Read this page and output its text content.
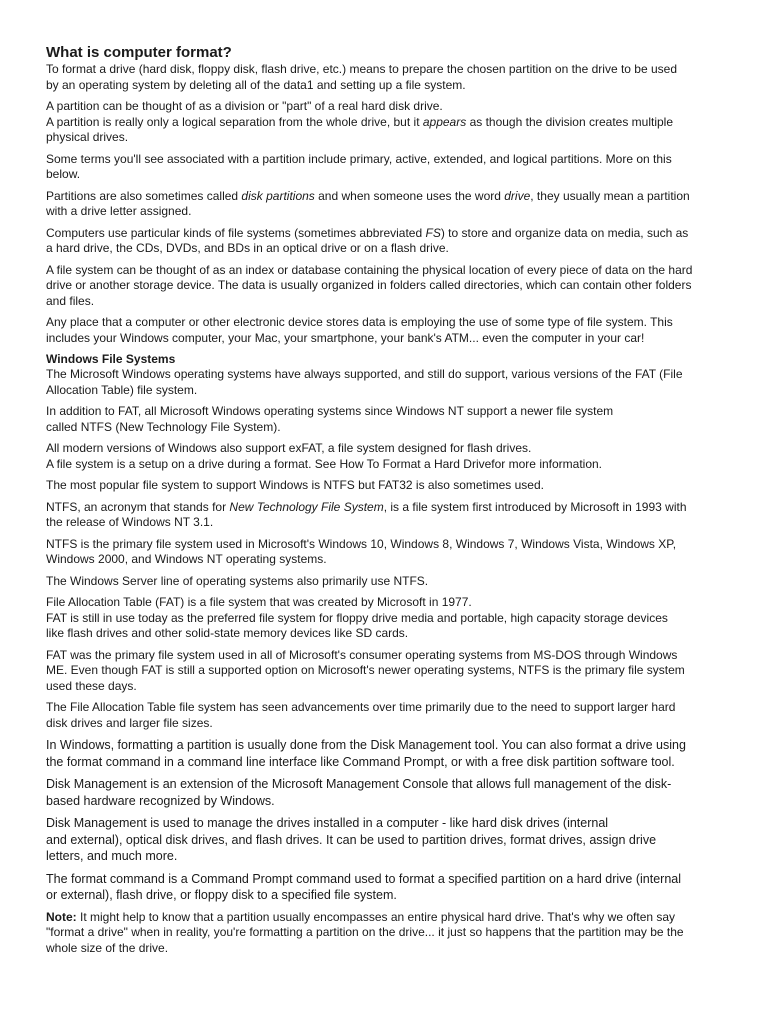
What is computer format?

To format a drive (hard disk, floppy disk, flash drive, etc.) means to prepare the chosen partition on the drive to be used

by an operating system by deleting all of the data1 and setting up a file system.

A partition can be thought of as a division or "part" of a real hard disk drive.

A partition is really only a logical separation from the whole drive, but it appears as though the division creates multiple

physical drives.

Some terms you'll see associated with a partition include primary, active, extended, and logical partitions. More on this

below.

Partitions are also sometimes called disk partitions and when someone uses the word drive, they usually mean a partition

with a drive letter assigned.

Computers use particular kinds of file systems (sometimes abbreviated FS) to store and organize data on media, such as

a hard drive, the CDs, DVDs, and BDs in an optical drive or on a flash drive.

A file system can be thought of as an index or database containing the physical location of every piece of data on the hard

drive or another storage device. The data is usually organized in folders called directories, which can contain other folders

and files.

Any place that a computer or other electronic device stores data is employing the use of some type of file system. This

includes your Windows computer, your Mac, your smartphone, your bank's ATM... even the computer in your car!

Windows File Systems

The Microsoft Windows operating systems have always supported, and still do support, various versions of the FAT (File

Allocation Table) file system.

In addition to FAT, all Microsoft Windows operating systems since Windows NT support a newer file system

called NTFS (New Technology File System).

All modern versions of Windows also support exFAT, a file system designed for flash drives.

A file system is a setup on a drive during a format. See How To Format a Hard Drivefor more information.

The most popular file system to support Windows is NTFS but FAT32 is also sometimes used.

NTFS, an acronym that stands for New Technology File System, is a file system first introduced by Microsoft in 1993 with

the release of Windows NT 3.1.

NTFS is the primary file system used in Microsoft's Windows 10, Windows 8, Windows 7, Windows Vista, Windows XP,

Windows 2000, and Windows NT operating systems.

The Windows Server line of operating systems also primarily use NTFS.

File Allocation Table (FAT) is a file system that was created by Microsoft in 1977.

FAT is still in use today as the preferred file system for floppy drive media and portable, high capacity storage devices

like flash drives and other solid-state memory devices like SD cards.

FAT was the primary file system used in all of Microsoft's consumer operating systems from MS-DOS through Windows

ME. Even though FAT is still a supported option on Microsoft's newer operating systems, NTFS is the primary file system

used these days.

The File Allocation Table file system has seen advancements over time primarily due to the need to support larger hard

disk drives and larger file sizes.

In Windows, formatting a partition is usually done from the Disk Management tool. You can also format a drive using

the format command in a command line interface like Command Prompt, or with a free disk partition software tool.

Disk Management is an extension of the Microsoft Management Console that allows full management of the disk-

based hardware recognized by Windows.

Disk Management is used to manage the drives installed in a computer - like hard disk drives (internal

and external), optical disk drives, and flash drives. It can be used to partition drives, format drives, assign drive

letters, and much more.

The format command is a Command Prompt command used to format a specified partition on a hard drive (internal

or external), flash drive, or floppy disk to a specified file system.

Note: It might help to know that a partition usually encompasses an entire physical hard drive. That's why we often say

"format a drive" when in reality, you're formatting a partition on the drive... it just so happens that the partition may be the

whole size of the drive.
